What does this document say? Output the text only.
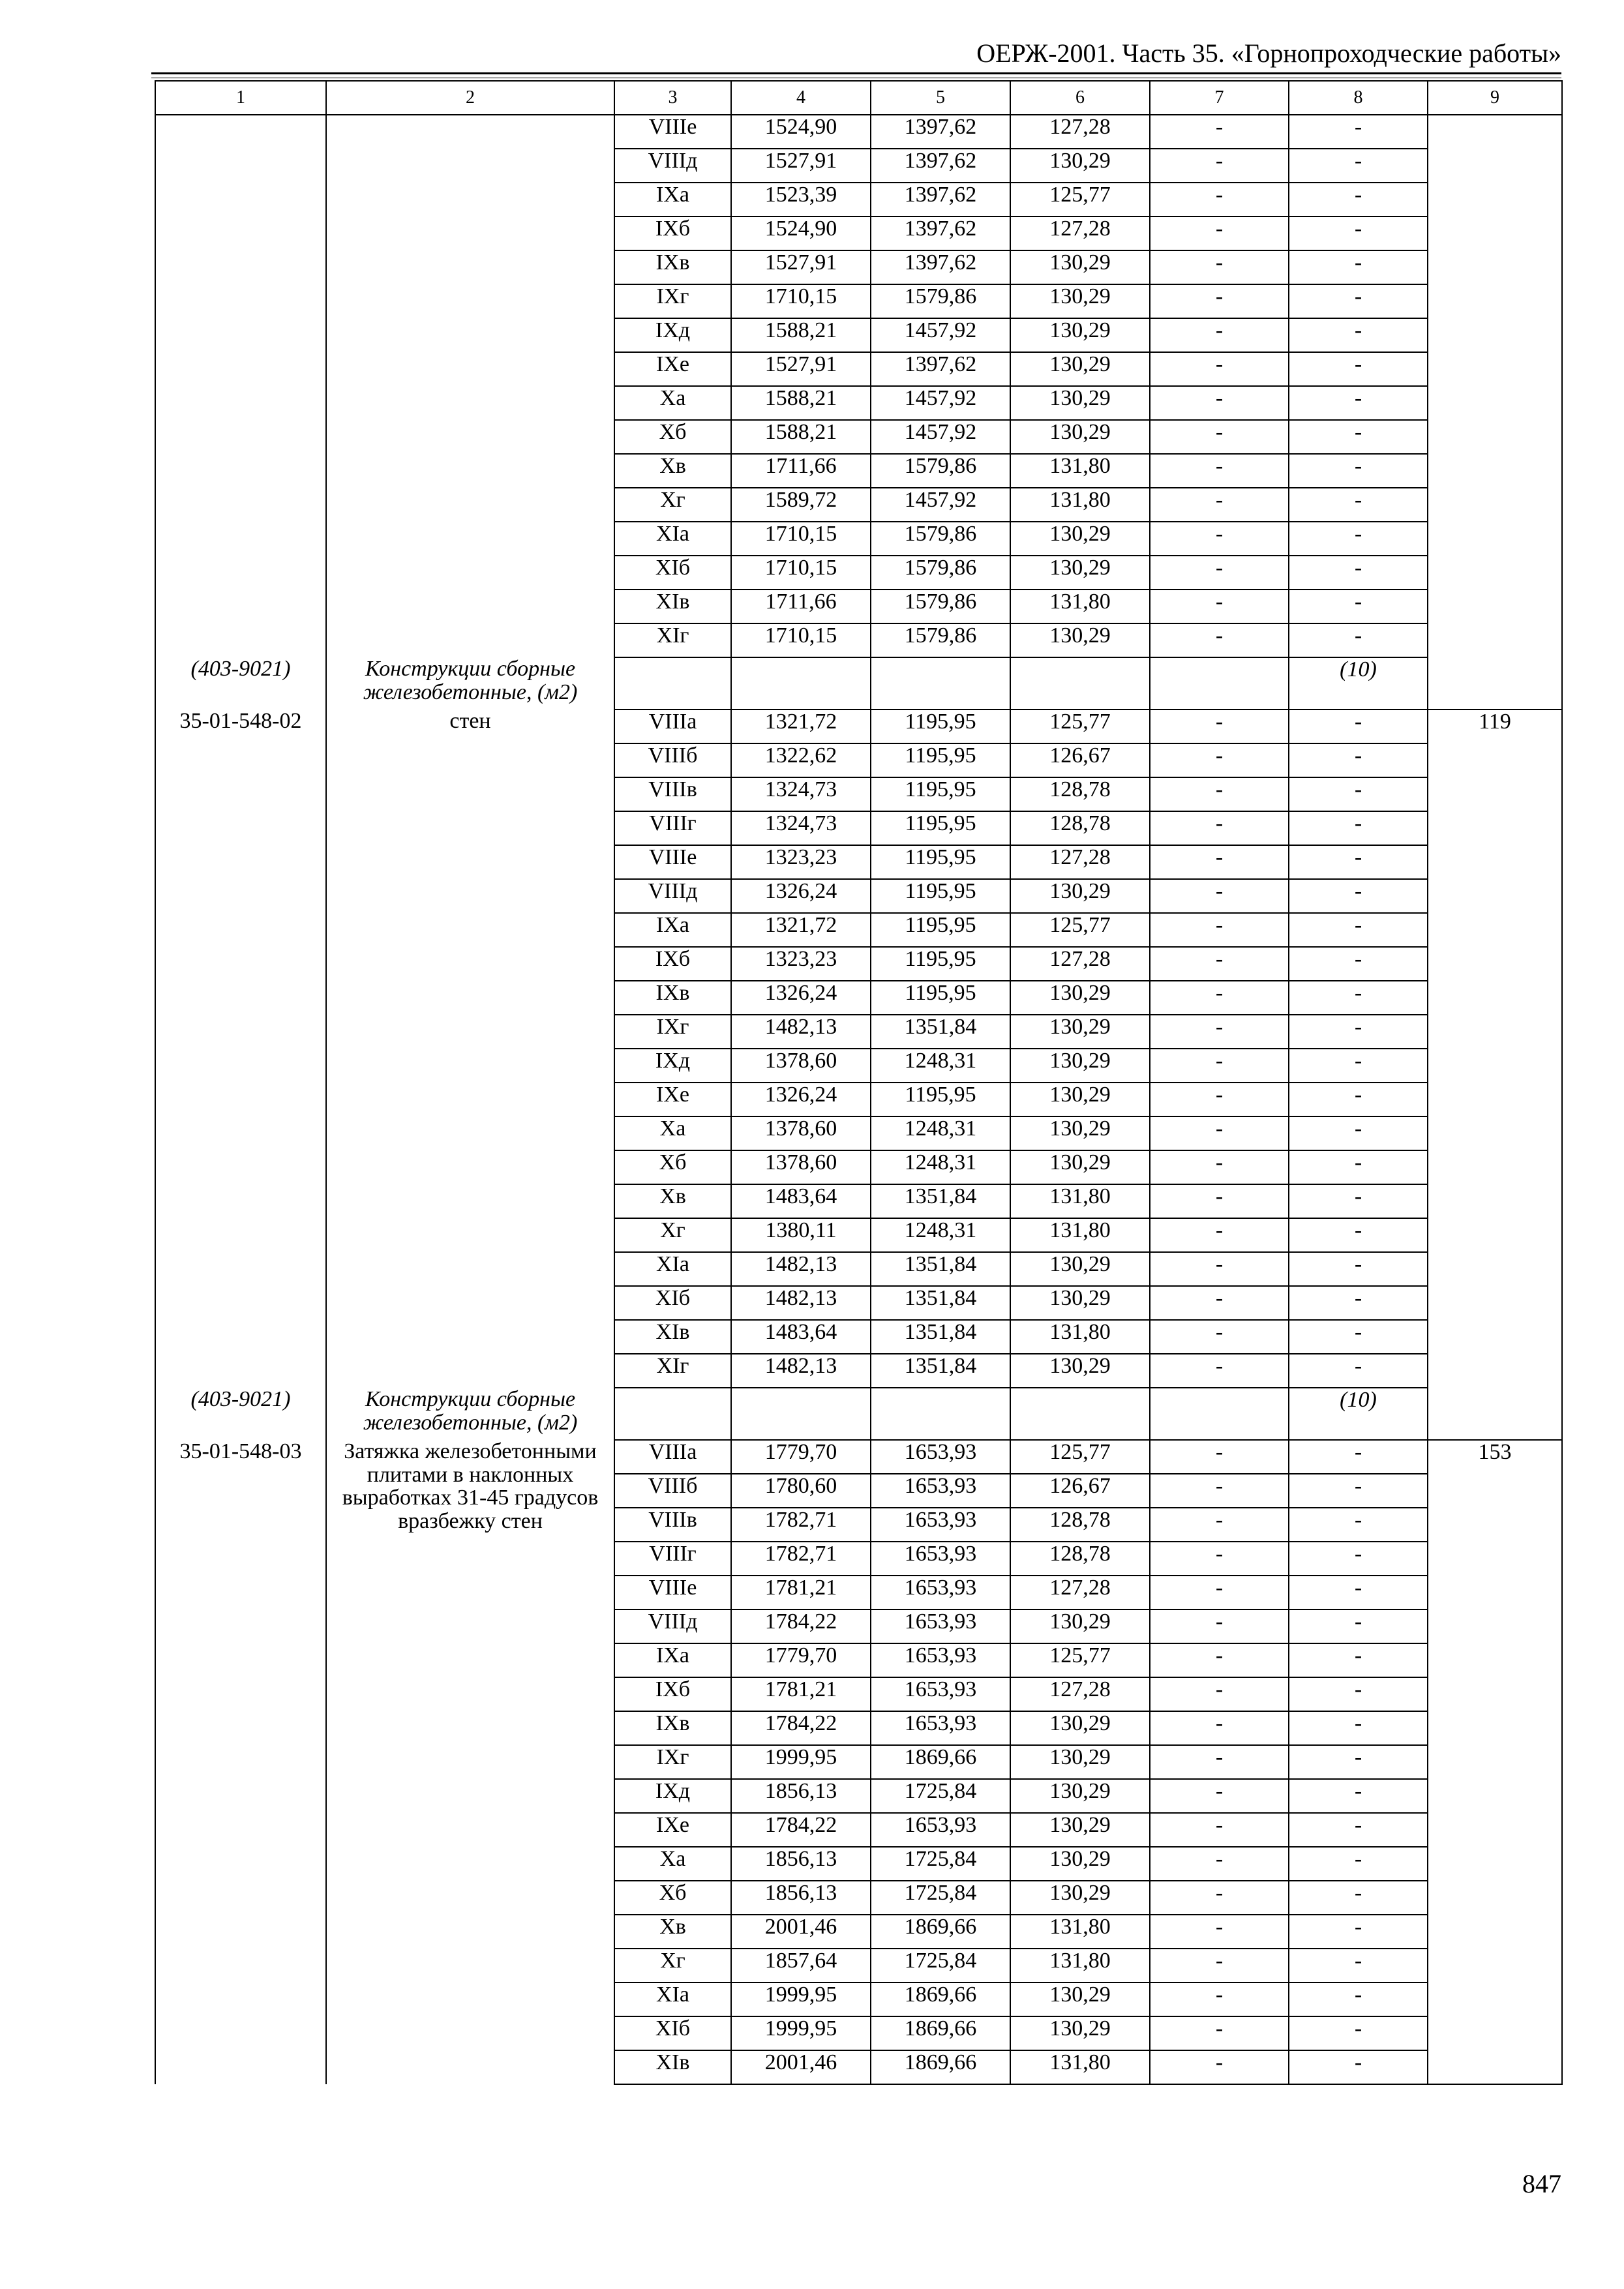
ОЕРЖ-2001. Часть 35. «Горнопроходческие работы»
1	2	3	4	5	6	7	8	9
		VIIIе	1524,90	1397,62	127,28	-	-	
		VIIIд	1527,91	1397,62	130,29	-	-	
		IXа	1523,39	1397,62	125,77	-	-	
		IXб	1524,90	1397,62	127,28	-	-	
		IXв	1527,91	1397,62	130,29	-	-	
		IXг	1710,15	1579,86	130,29	-	-	
		IXд	1588,21	1457,92	130,29	-	-	
		IXе	1527,91	1397,62	130,29	-	-	
		Xа	1588,21	1457,92	130,29	-	-	
		Xб	1588,21	1457,92	130,29	-	-	
		Xв	1711,66	1579,86	131,80	-	-	
		Xг	1589,72	1457,92	131,80	-	-	
		XIа	1710,15	1579,86	130,29	-	-	
		XIб	1710,15	1579,86	130,29	-	-	
		XIв	1711,66	1579,86	131,80	-	-	
		XIг	1710,15	1579,86	130,29	-	-	
(403-9021)	Конструкции сборные железобетонные, (м2)						(10)	
35-01-548-02	стен	VIIIа	1321,72	1195,95	125,77	-	-	119
		VIIIб	1322,62	1195,95	126,67	-	-	
		VIIIв	1324,73	1195,95	128,78	-	-	
		VIIIг	1324,73	1195,95	128,78	-	-	
		VIIIе	1323,23	1195,95	127,28	-	-	
		VIIIд	1326,24	1195,95	130,29	-	-	
		IXа	1321,72	1195,95	125,77	-	-	
		IXб	1323,23	1195,95	127,28	-	-	
		IXв	1326,24	1195,95	130,29	-	-	
		IXг	1482,13	1351,84	130,29	-	-	
		IXд	1378,60	1248,31	130,29	-	-	
		IXе	1326,24	1195,95	130,29	-	-	
		Xа	1378,60	1248,31	130,29	-	-	
		Xб	1378,60	1248,31	130,29	-	-	
		Xв	1483,64	1351,84	131,80	-	-	
		Xг	1380,11	1248,31	131,80	-	-	
		XIа	1482,13	1351,84	130,29	-	-	
		XIб	1482,13	1351,84	130,29	-	-	
		XIв	1483,64	1351,84	131,80	-	-	
		XIг	1482,13	1351,84	130,29	-	-	
(403-9021)	Конструкции сборные железобетонные, (м2)						(10)	
35-01-548-03	Затяжка железобетонными плитами в наклонных выработках 31-45 градусов вразбежку стен	VIIIа	1779,70	1653,93	125,77	-	-	153
		VIIIб	1780,60	1653,93	126,67	-	-	
		VIIIв	1782,71	1653,93	128,78	-	-	
		VIIIг	1782,71	1653,93	128,78	-	-	
		VIIIе	1781,21	1653,93	127,28	-	-	
		VIIIд	1784,22	1653,93	130,29	-	-	
		IXа	1779,70	1653,93	125,77	-	-	
		IXб	1781,21	1653,93	127,28	-	-	
		IXв	1784,22	1653,93	130,29	-	-	
		IXг	1999,95	1869,66	130,29	-	-	
		IXд	1856,13	1725,84	130,29	-	-	
		IXе	1784,22	1653,93	130,29	-	-	
		Xа	1856,13	1725,84	130,29	-	-	
		Xб	1856,13	1725,84	130,29	-	-	
		Xв	2001,46	1869,66	131,80	-	-	
		Xг	1857,64	1725,84	131,80	-	-	
		XIа	1999,95	1869,66	130,29	-	-	
		XIб	1999,95	1869,66	130,29	-	-	
		XIв	2001,46	1869,66	131,80	-	-	
847
